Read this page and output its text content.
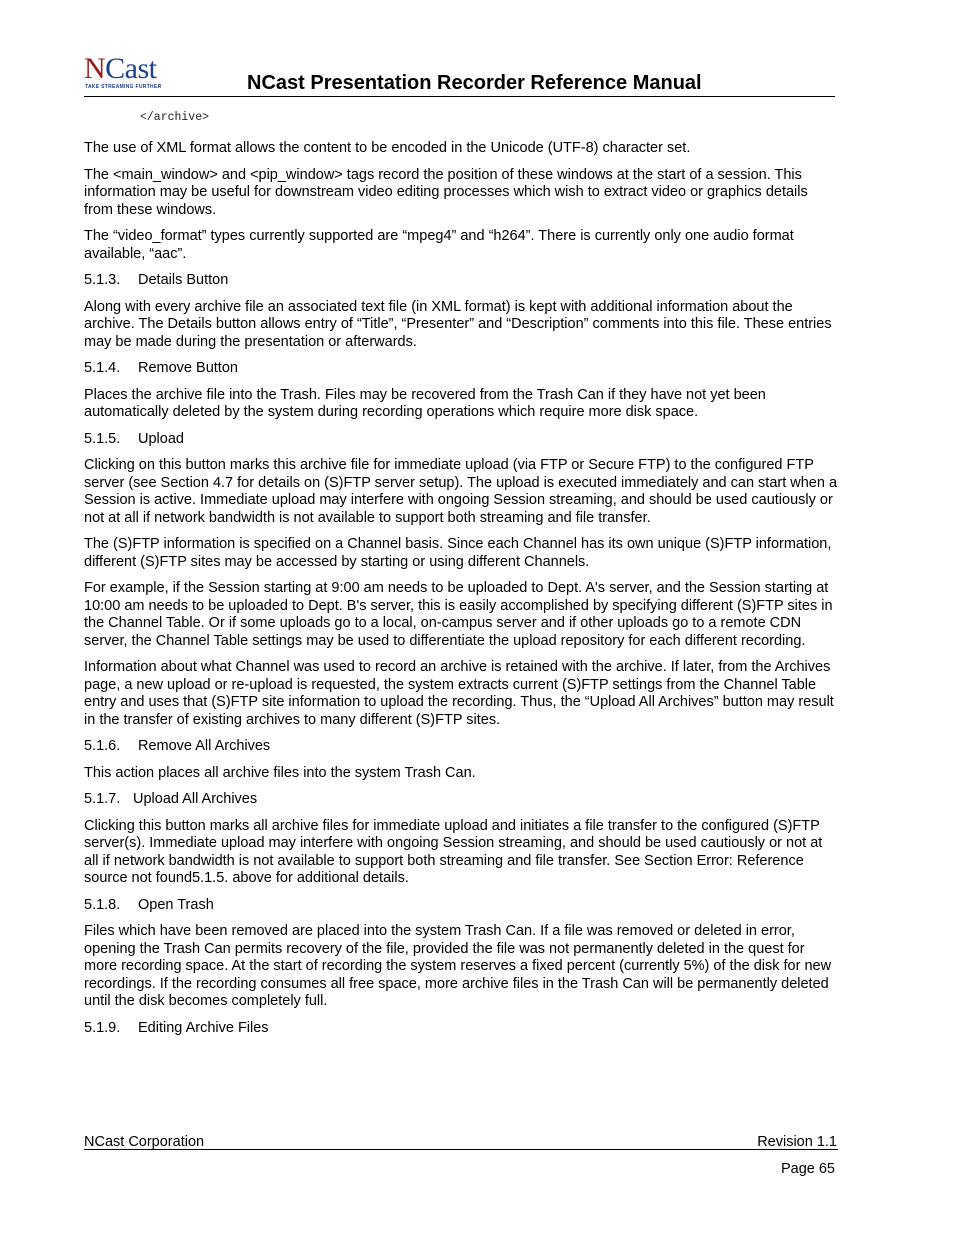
NCast
TAKE STREAMING FURTHER	NCast Presentation Recorder Reference Manual
</archive>

The use of XML format allows the content to be encoded in the Unicode (UTF-8) character set.

The <main_window> and <pip_window> tags record the position of these windows at the start of a session. This information may be useful for downstream video editing processes which wish to extract video or graphics details from these windows.

The “video_format” types currently supported are “mpeg4” and “h264”. There is currently only one audio format available, “aac”.

5.1.3. Details Button

Along with every archive file an associated text file (in XML format) is kept with additional information about the archive. The Details button allows entry of “Title”, “Presenter” and “Description” comments into this file. These entries may be made during the presentation or afterwards.

5.1.4. Remove Button

Places the archive file into the Trash. Files may be recovered from the Trash Can if they have not yet been automatically deleted by the system during recording operations which require more disk space.

5.1.5. Upload

Clicking on this button marks this archive file for immediate upload (via FTP or Secure FTP) to the configured FTP server (see Section 4.7 for details on (S)FTP server setup). The upload is executed immediately and can start when a Session is active. Immediate upload may interfere with ongoing Session streaming, and should be used cautiously or not at all if network bandwidth is not available to support both streaming and file transfer.

The (S)FTP information is specified on a Channel basis. Since each Channel has its own unique (S)FTP information, different (S)FTP sites may be accessed by starting or using different Channels.

For example, if the Session starting at 9:00 am needs to be uploaded to Dept. A's server, and the Session starting at 10:00 am needs to be uploaded to Dept. B's server, this is easily accomplished by specifying different (S)FTP sites in the Channel Table. Or if some uploads go to a local, on-campus server and if other uploads go to a remote CDN server, the Channel Table settings may be used to differentiate the upload repository for each different recording.

Information about what Channel was used to record an archive is retained with the archive. If later, from the Archives page, a new upload or re-upload is requested, the system extracts current (S)FTP settings from the Channel Table entry and uses that (S)FTP site information to upload the recording. Thus, the “Upload All Archives” button may result in the transfer of existing archives to many different (S)FTP sites.

5.1.6. Remove All Archives

This action places all archive files into the system Trash Can.

5.1.7. Upload All Archives

Clicking this button marks all archive files for immediate upload and initiates a file transfer to the configured (S)FTP server(s). Immediate upload may interfere with ongoing Session streaming, and should be used cautiously or not at all if network bandwidth is not available to support both streaming and file transfer. See Section Error: Reference source not found5.1.5. above for additional details.

5.1.8. Open Trash

Files which have been removed are placed into the system Trash Can. If a file was removed or deleted in error, opening the Trash Can permits recovery of the file, provided the file was not permanently deleted in the quest for more recording space. At the start of recording the system reserves a fixed percent (currently 5%) of the disk for new recordings. If the recording consumes all free space, more archive files in the Trash Can will be permanently deleted until the disk becomes completely full.

5.1.9. Editing Archive Files
NCast Corporation	Revision 1.1
Page 65
